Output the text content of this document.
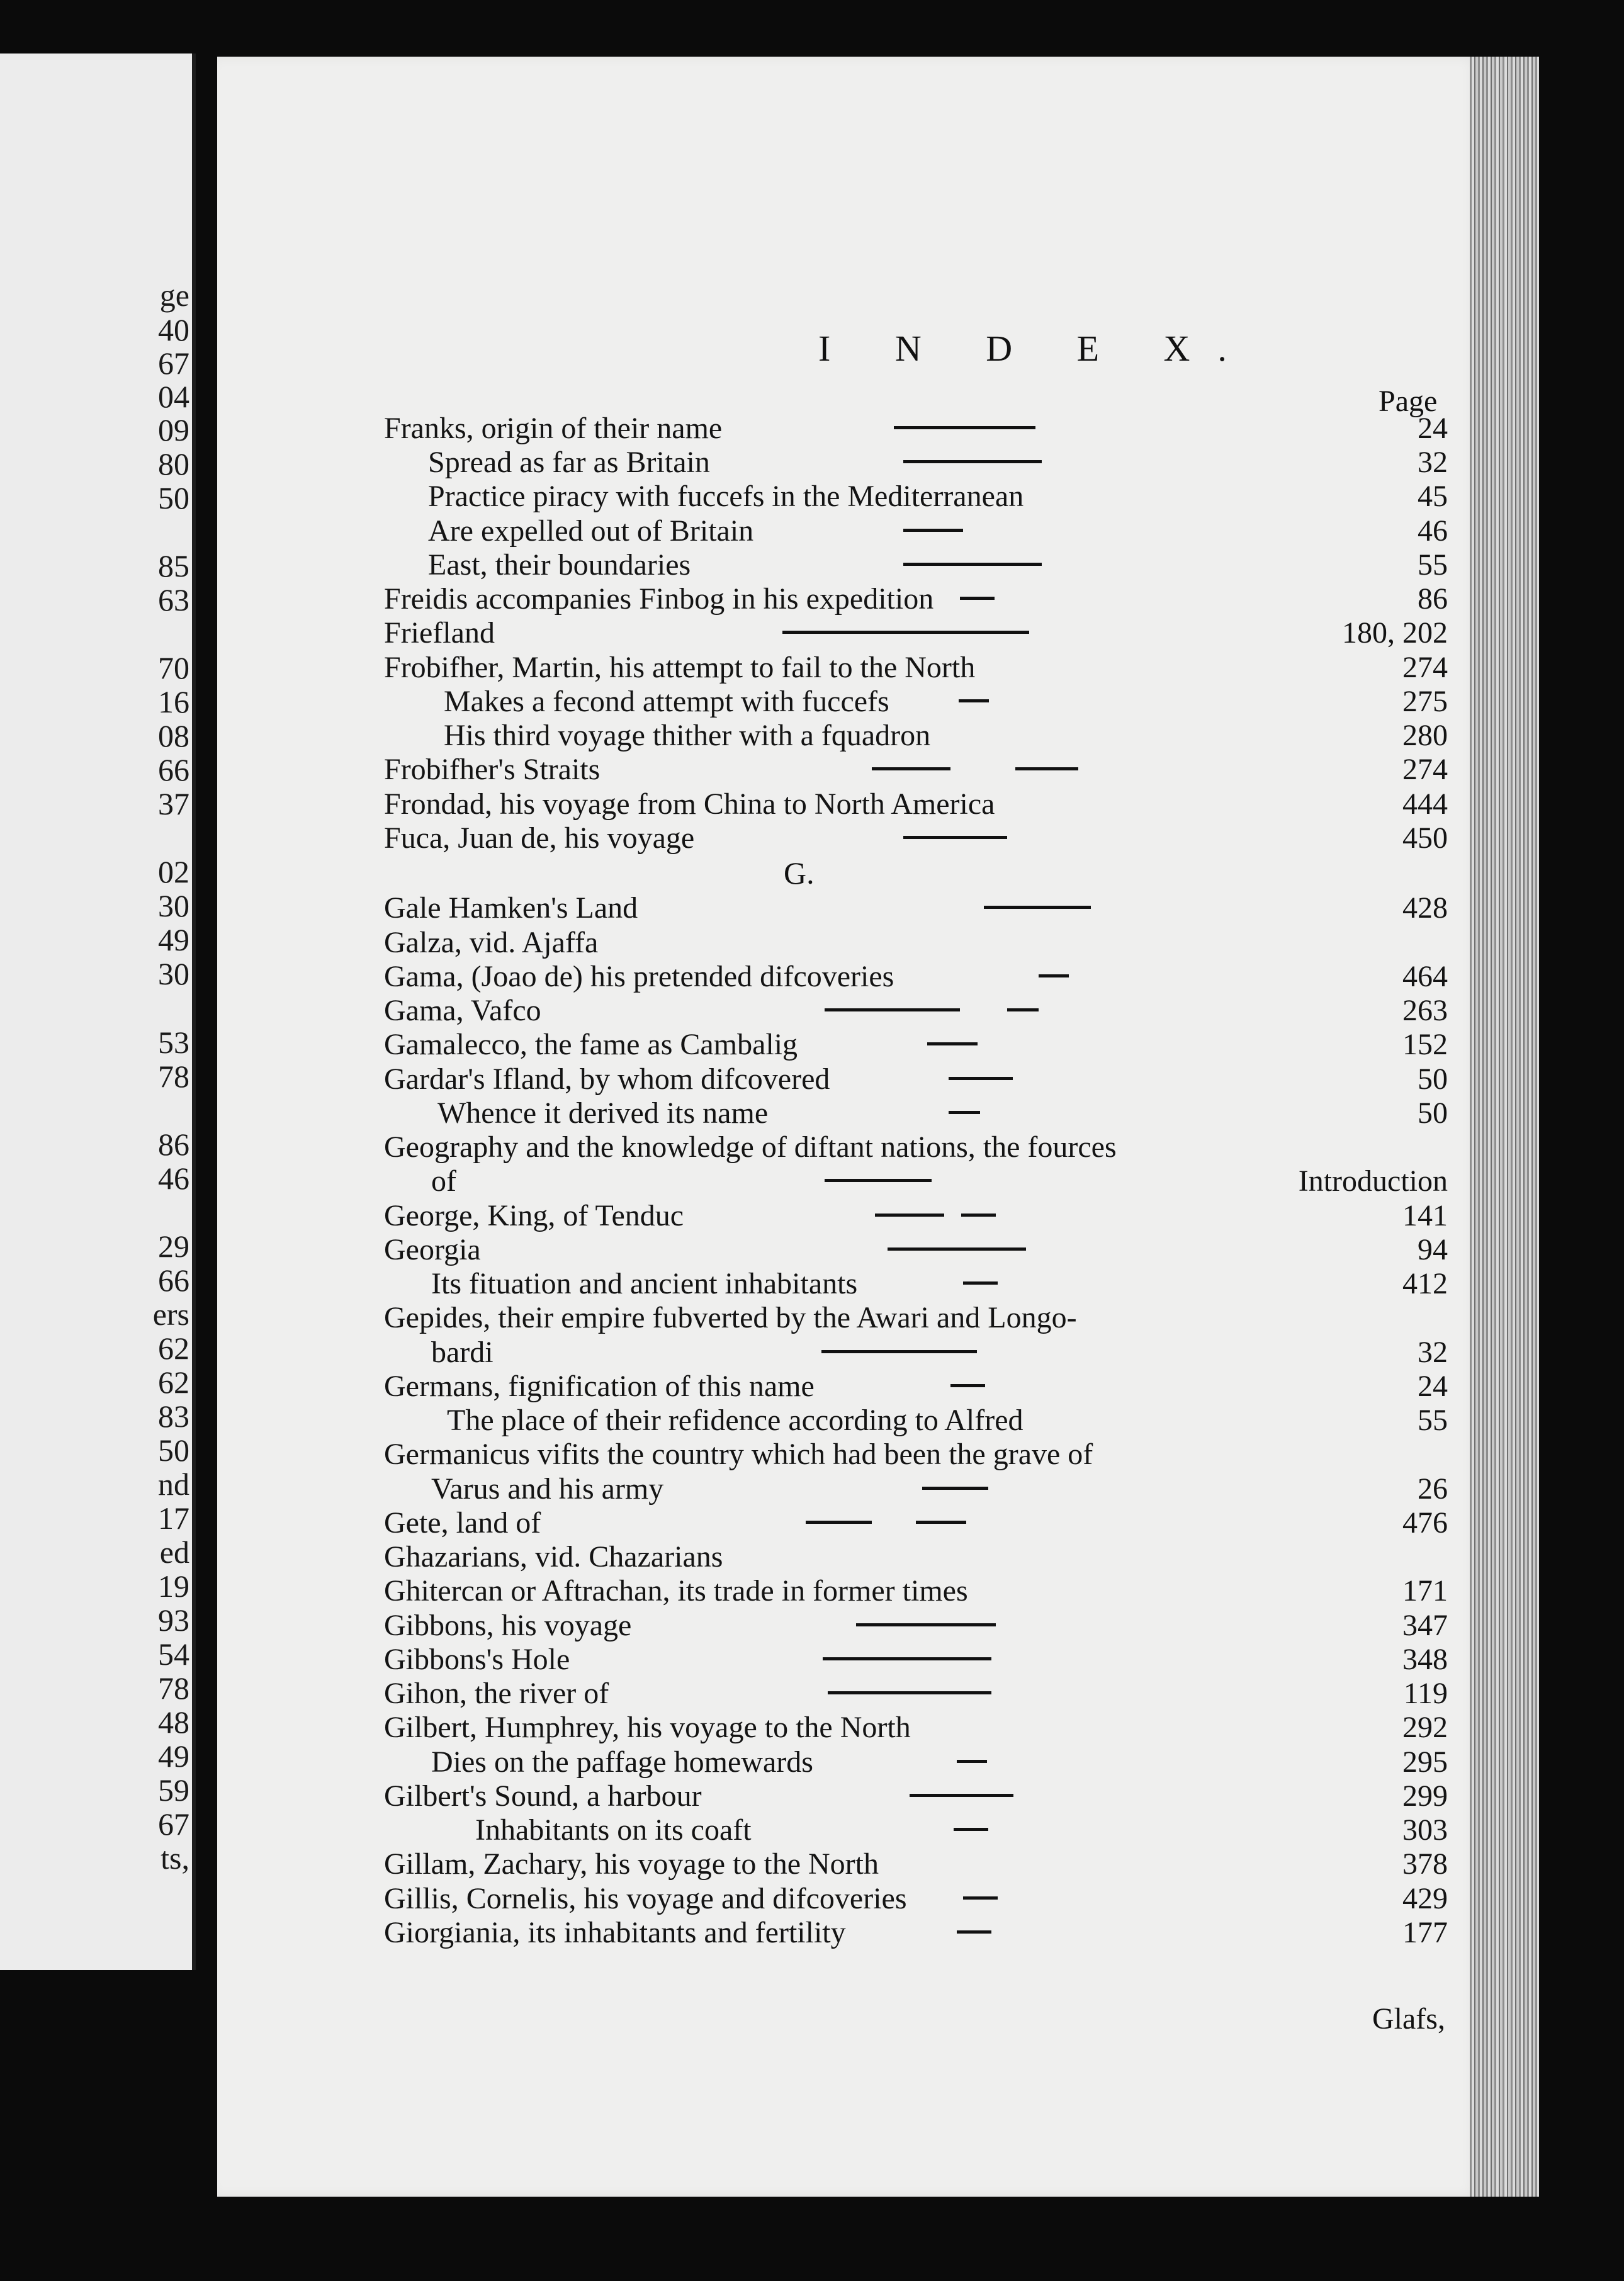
ge
40
67
04
09
80
50
85
63
70
16
08
66
37
02
30
49
30
53
78
86
46
29
66
ers
62
62
83
50
nd
17
ed
19
93
54
78
48
49
59
67
ts,
I N D E X.
Page
G.
Franks, origin of their name	24
Spread as far as Britain	32
Practice piracy with fuccefs in the Mediterranean	45
Are expelled out of Britain	46
East, their boundaries	55
Freidis accompanies Finbog in his expedition	86
Friefland	180, 202
Frobifher, Martin, his attempt to fail to the North	274
Makes a fecond attempt with fuccefs	275
His third voyage thither with a fquadron	280
Frobifher's Straits	274
Frondad, his voyage from China to North America	444
Fuca, Juan de, his voyage	450
Gale Hamken's Land	428
Galza, vid. Ajaffa
Gama, (Joao de) his pretended difcoveries	464
Gama, Vafco	263
Gamalecco, the fame as Cambalig	152
Gardar's Ifland, by whom difcovered	50
Whence it derived its name	50
Geography and the knowledge of diftant nations, the fources
of	Introduction
George, King, of Tenduc	141
Georgia	94
Its fituation and ancient inhabitants	412
Gepides, their empire fubverted by the Awari and Longo-
bardi	32
Germans, fignification of this name	24
The place of their refidence according to Alfred	55
Germanicus vifits the country which had been the grave of
Varus and his army	26
Gete, land of	476
Ghazarians, vid. Chazarians
Ghitercan or Aftrachan, its trade in former times	171
Gibbons, his voyage	347
Gibbons's Hole	348
Gihon, the river of	119
Gilbert, Humphrey, his voyage to the North	292
Dies on the paffage homewards	295
Gilbert's Sound, a harbour	299
Inhabitants on its coaft	303
Gillam, Zachary, his voyage to the North	378
Gillis, Cornelis, his voyage and difcoveries	429
Giorgiania, its inhabitants and fertility	177
Glafs,
